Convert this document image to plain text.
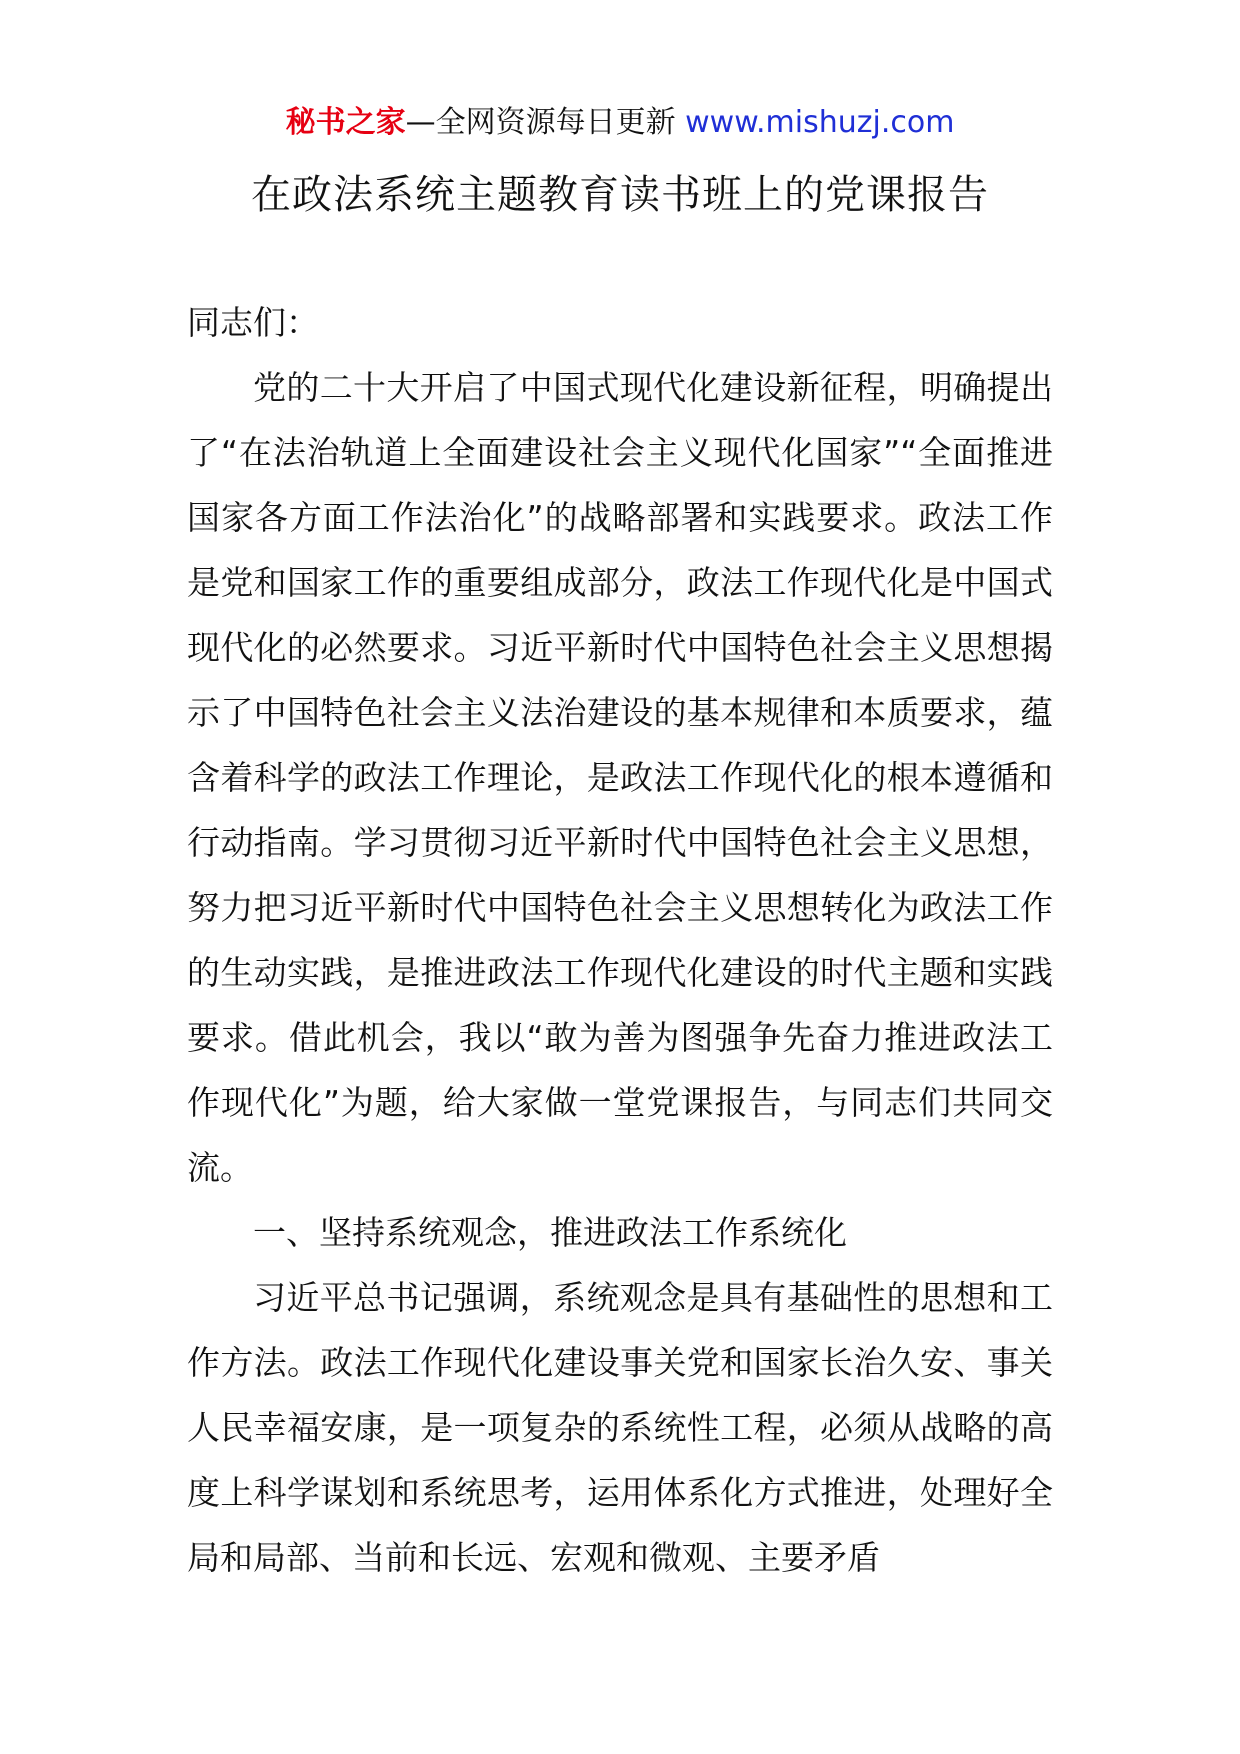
秘书之家—全网资源每日更新 www.mishuzj.com
在政法系统主题教育读书班上的党课报告

同志们：

党的二十大开启了中国式现代化建设新征程，明确提出了“在法治轨道上全面建设社会主义现代化国家”“全面推进国家各方面工作法治化”的战略部署和实践要求。政法工作是党和国家工作的重要组成部分，政法工作现代化是中国式现代化的必然要求。习近平新时代中国特色社会主义思想揭示了中国特色社会主义法治建设的基本规律和本质要求，蕴含着科学的政法工作理论，是政法工作现代化的根本遵循和行动指南。学习贯彻习近平新时代中国特色社会主义思想，努力把习近平新时代中国特色社会主义思想转化为政法工作的生动实践，是推进政法工作现代化建设的时代主题和实践要求。借此机会，我以“敢为善为图强争先奋力推进政法工作现代化”为题，给大家做一堂党课报告，与同志们共同交流。

一、坚持系统观念，推进政法工作系统化

习近平总书记强调，系统观念是具有基础性的思想和工作方法。政法工作现代化建设事关党和国家长治久安、事关人民幸福安康，是一项复杂的系统性工程，必须从战略的高度上科学谋划和系统思考，运用体系化方式推进，处理好全局和局部、当前和长远、宏观和微观、主要矛盾
